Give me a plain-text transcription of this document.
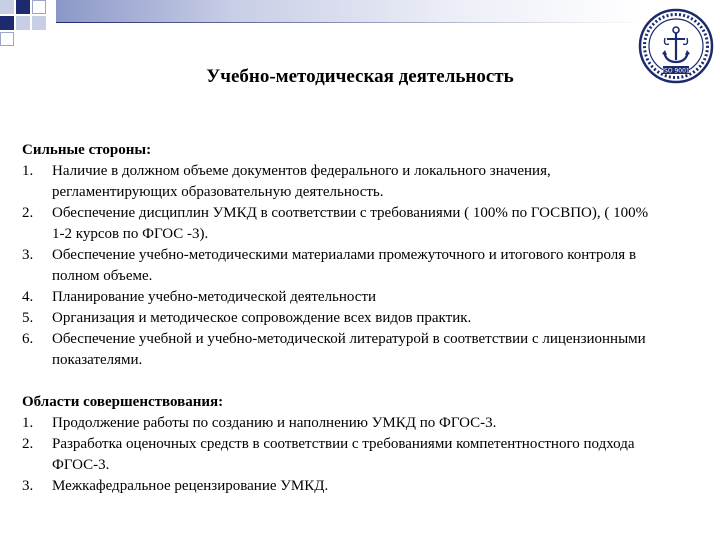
ISO 9001
Учебно-методическая деятельность

Сильные стороны:

1.	Наличие в должном объеме документов федерального и локального значения, регламентирующих образовательную деятельность.
2.	Обеспечение дисциплин УМКД в соответствии с требованиями ( 100% по ГОСВПО), ( 100% 1-2 курсов по ФГОС -3).
3.	Обеспечение учебно-методическими материалами промежуточного и итогового контроля в полном объеме.
4.	Планирование учебно-методической деятельности
5.	Организация и методическое сопровождение всех видов практик.
6.	Обеспечение учебной и учебно-методической литературой в соответствии с лицензионными показателями.

Области совершенствования:

1.	Продолжение работы по созданию и наполнению УМКД по ФГОС-3.
2.	Разработка оценочных средств в соответствии с требованиями компетентностного подхода ФГОС-3.
3.	Межкафедральное рецензирование УМКД.
